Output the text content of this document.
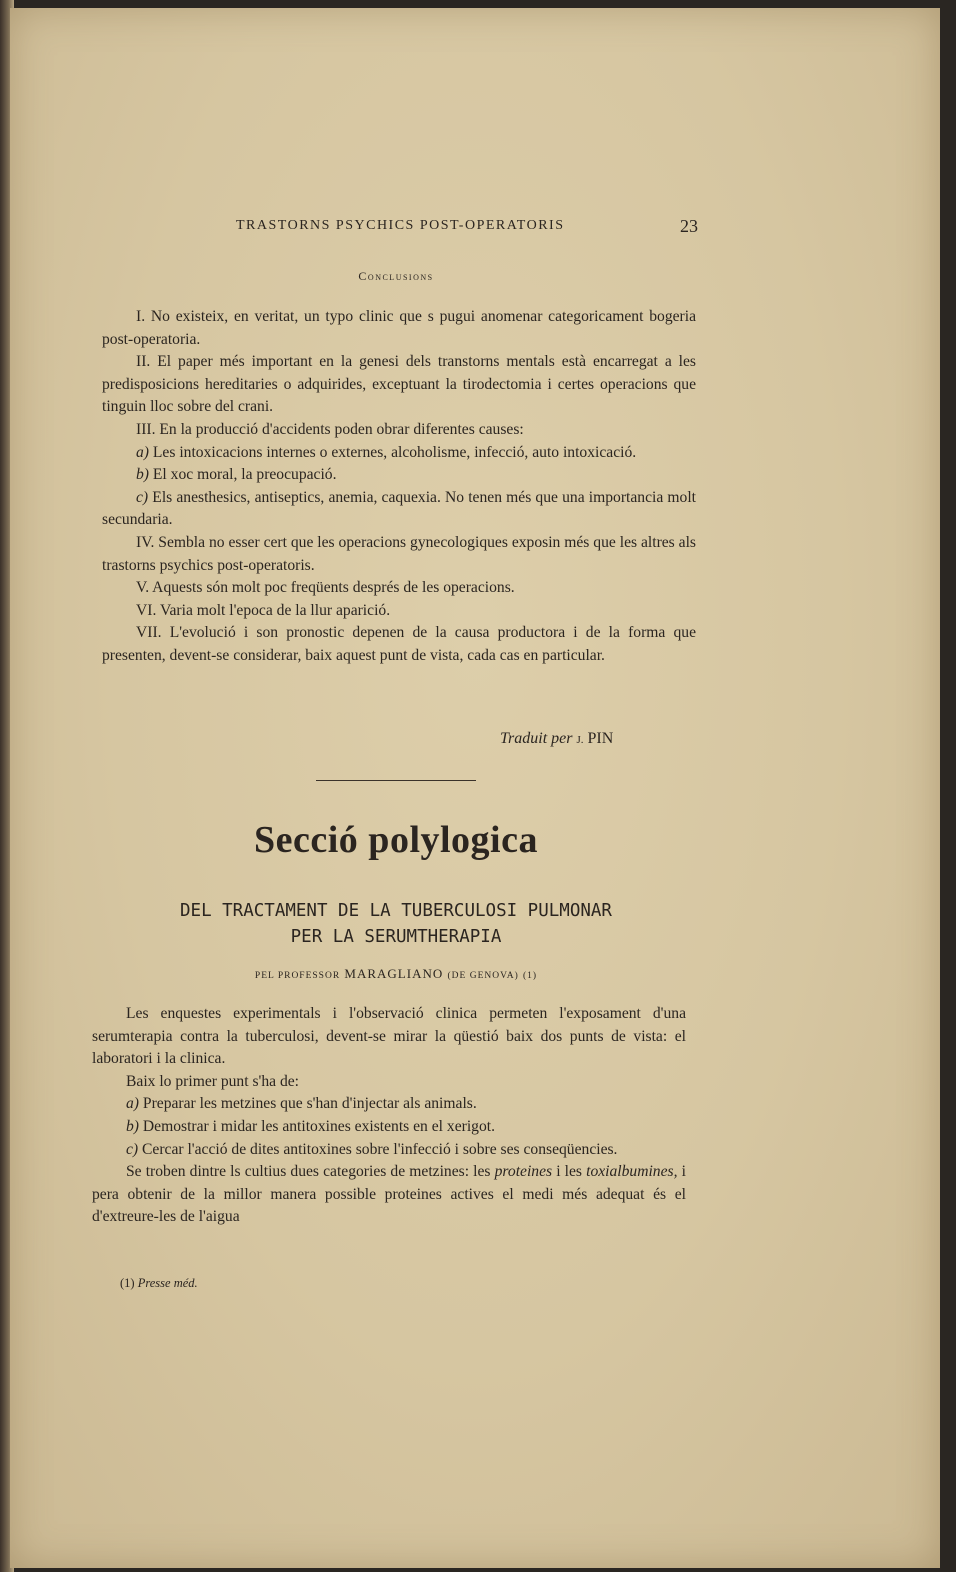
TRASTORNS PSYCHICS POST-OPERATORIS	23
Conclusions

I. No existeix, en veritat, un typo clinic que s pugui anomenar categoricament bogeria post-operatoria.

II. El paper més important en la genesi dels transtorns mentals està encarregat a les predisposicions hereditaries o adquirides, exceptuant la tirodectomia i certes operacions que tinguin lloc sobre del crani.

III. En la producció d'accidents poden obrar diferentes causes:

a) Les intoxicacions internes o externes, alcoholisme, infecció, auto intoxicació.

b) El xoc moral, la preocupació.

c) Els anesthesics, antiseptics, anemia, caquexia. No tenen més que una importancia molt secundaria.

IV. Sembla no esser cert que les operacions gynecologiques exposin més que les altres als trastorns psychics post-operatoris.

V. Aquests són molt poc freqüents després de les operacions.

VI. Varia molt l'epoca de la llur aparició.

VII. L'evolució i son pronostic depenen de la causa productora i de la forma que presenten, devent-se considerar, baix aquest punt de vista, cada cas en particular.

Traduit per J. PIN
Secció polylogica
DEL TRACTAMENT DE LA TUBERCULOSI PULMONAR
PER LA SERUMTHERAPIA
PEL PROFESSOR MARAGLIANO (DE GENOVA) (1)

Les enquestes experimentals i l'observació clinica permeten l'exposament d'una serumterapia contra la tuberculosi, devent-se mirar la qüestió baix dos punts de vista: el laboratori i la clinica.

Baix lo primer punt s'ha de:

a) Preparar les metzines que s'han d'injectar als animals.

b) Demostrar i midar les antitoxines existents en el xerigot.

c) Cercar l'acció de dites antitoxines sobre l'infecció i sobre ses conseqüencies.

Se troben dintre ls cultius dues categories de metzines: les proteines i les toxialbumines, i pera obtenir de la millor manera possible proteines actives el medi més adequat és el d'extreure-les de l'aigua

(1) Presse méd.
